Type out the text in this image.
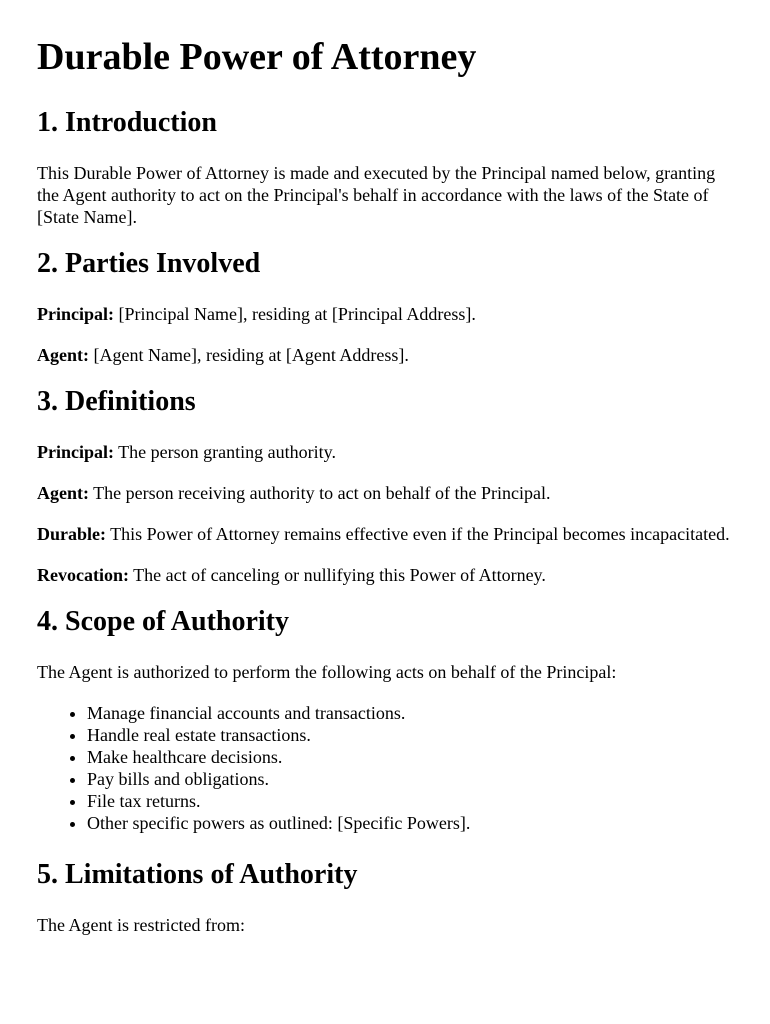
Durable Power of Attorney
1. Introduction

This Durable Power of Attorney is made and executed by the Principal named below, granting the Agent authority to act on the Principal's behalf in accordance with the laws of the State of [State Name].

2. Parties Involved

Principal: [Principal Name], residing at [Principal Address].

Agent: [Agent Name], residing at [Agent Address].

3. Definitions

Principal: The person granting authority.

Agent: The person receiving authority to act on behalf of the Principal.

Durable: This Power of Attorney remains effective even if the Principal becomes incapacitated.

Revocation: The act of canceling or nullifying this Power of Attorney.

4. Scope of Authority

The Agent is authorized to perform the following acts on behalf of the Principal:

• Manage financial accounts and transactions.
• Handle real estate transactions.
• Make healthcare decisions.
• Pay bills and obligations.
• File tax returns.
• Other specific powers as outlined: [Specific Powers].
5. Limitations of Authority

The Agent is restricted from:
